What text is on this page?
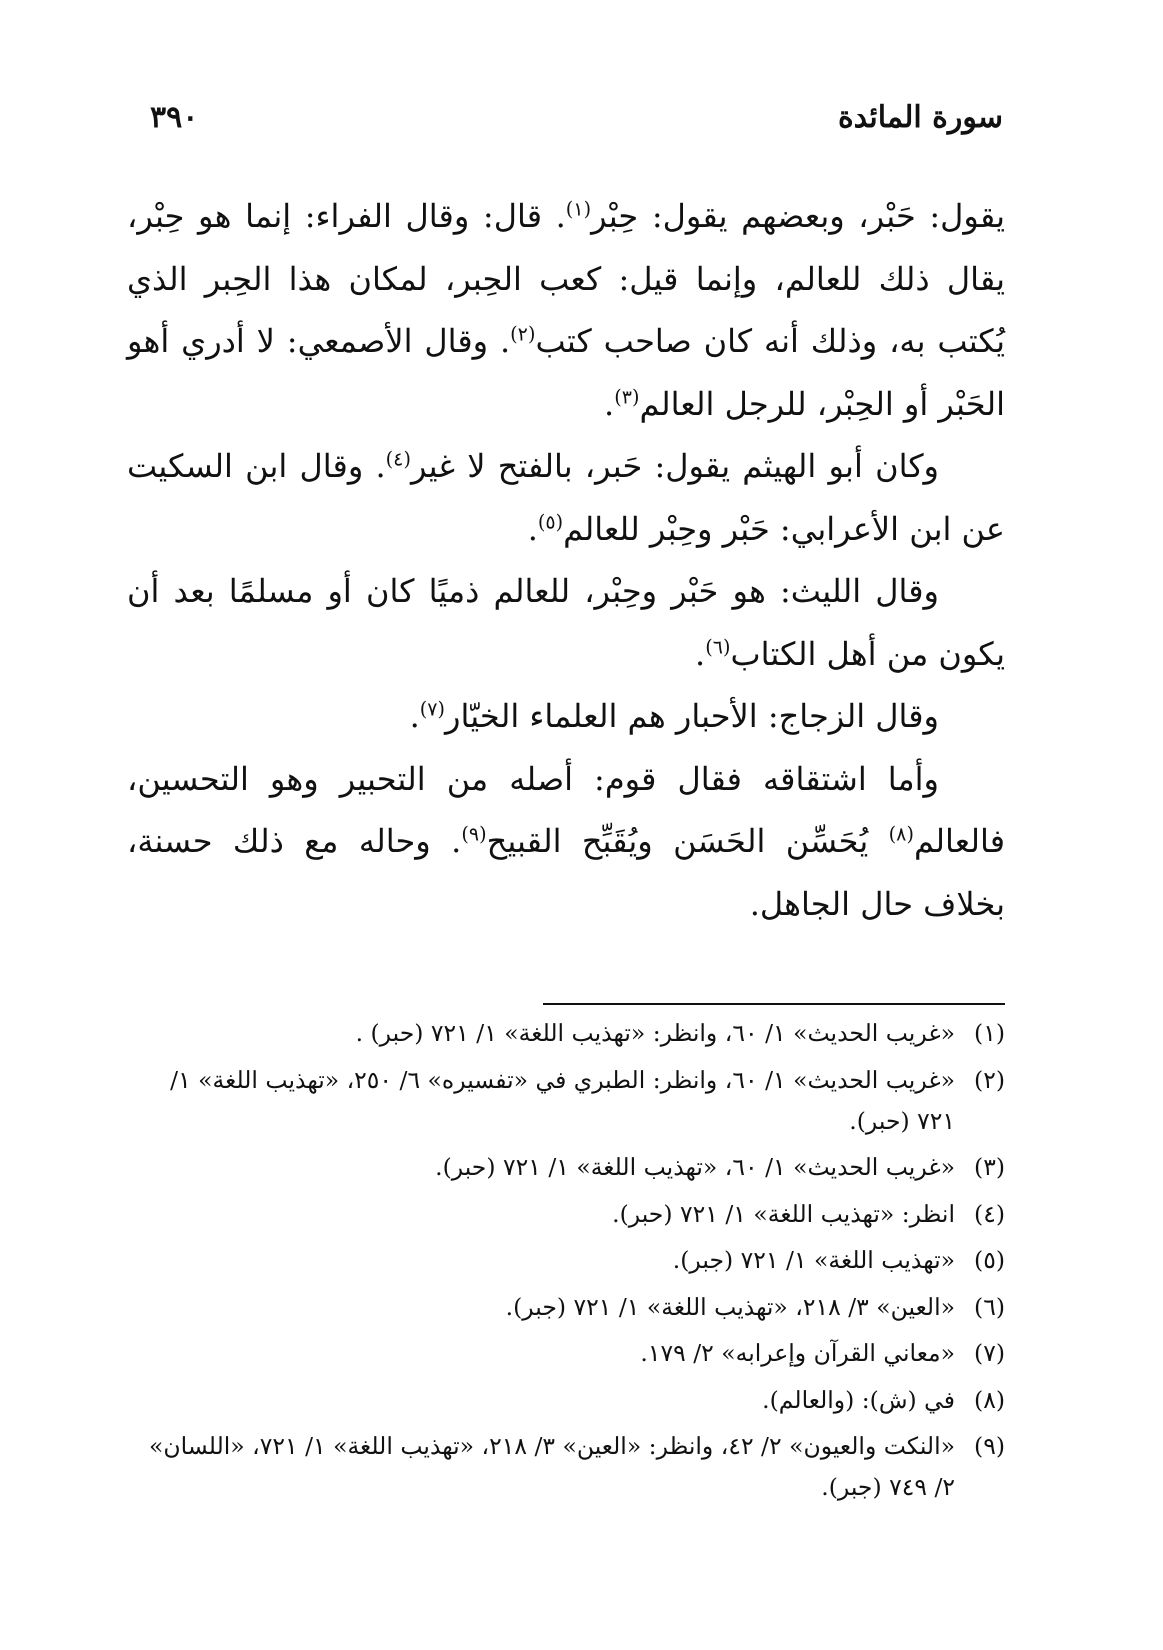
سورة المائدة
٣٩٠

يقول: حَبْر، وبعضهم يقول: حِبْر$^{(١)}$. قال: وقال الفراء: إنما هو حِبْر، يقال ذلك للعالم، وإنما قيل: كعب الحِبر، لمكان هذا الحِبر الذي يُكتب به، وذلك أنه كان صاحب كتب$^{(٢)}$. وقال الأصمعي: لا أدري أهو الحَبْر أو الحِبْر، للرجل العالم$^{(٣)}$.

وكان أبو الهيثم يقول: حَبر، بالفتح لا غير$^{(٤)}$. وقال ابن السكيت عن ابن الأعرابي: حَبْر وحِبْر للعالم$^{(٥)}$.

وقال الليث: هو حَبْر وحِبْر، للعالم ذميًا كان أو مسلمًا بعد أن يكون من أهل الكتاب$^{(٦)}$.

وقال الزجاج: الأحبار هم العلماء الخيّار$^{(٧)}$.

وأما اشتقاقه فقال قوم: أصله من التحبير وهو التحسين، فالعالم$^{(٨)}$ يُحَسِّن الحَسَن ويُقَبِّح القبيح$^{(٩)}$. وحاله مع ذلك حسنة، بخلاف حال الجاهل.

(١)
«غريب الحديث» ١/ ٦٠، وانظر: «تهذيب اللغة» ١/ ٧٢١ (حبر) .

(٢)
«غريب الحديث» ١/ ٦٠، وانظر: الطبري في «تفسيره» ٦/ ٢٥٠، «تهذيب اللغة» ١/ ٧٢١ (حبر).

(٣)
«غريب الحديث» ١/ ٦٠، «تهذيب اللغة» ١/ ٧٢١ (حبر).

(٤)
انظر: «تهذيب اللغة» ١/ ٧٢١ (حبر).

(٥)
«تهذيب اللغة» ١/ ٧٢١ (جبر).

(٦)
«العين» ٣/ ٢١٨، «تهذيب اللغة» ١/ ٧٢١ (جبر).

(٧)
«معاني القرآن وإعرابه» ٢/ ١٧٩.

(٨)
في (ش): (والعالم).

(٩)
«النكت والعيون» ٢/ ٤٢، وانظر: «العين» ٣/ ٢١٨، «تهذيب اللغة» ١/ ٧٢١، «اللسان» ٢/ ٧٤٩ (جبر).
